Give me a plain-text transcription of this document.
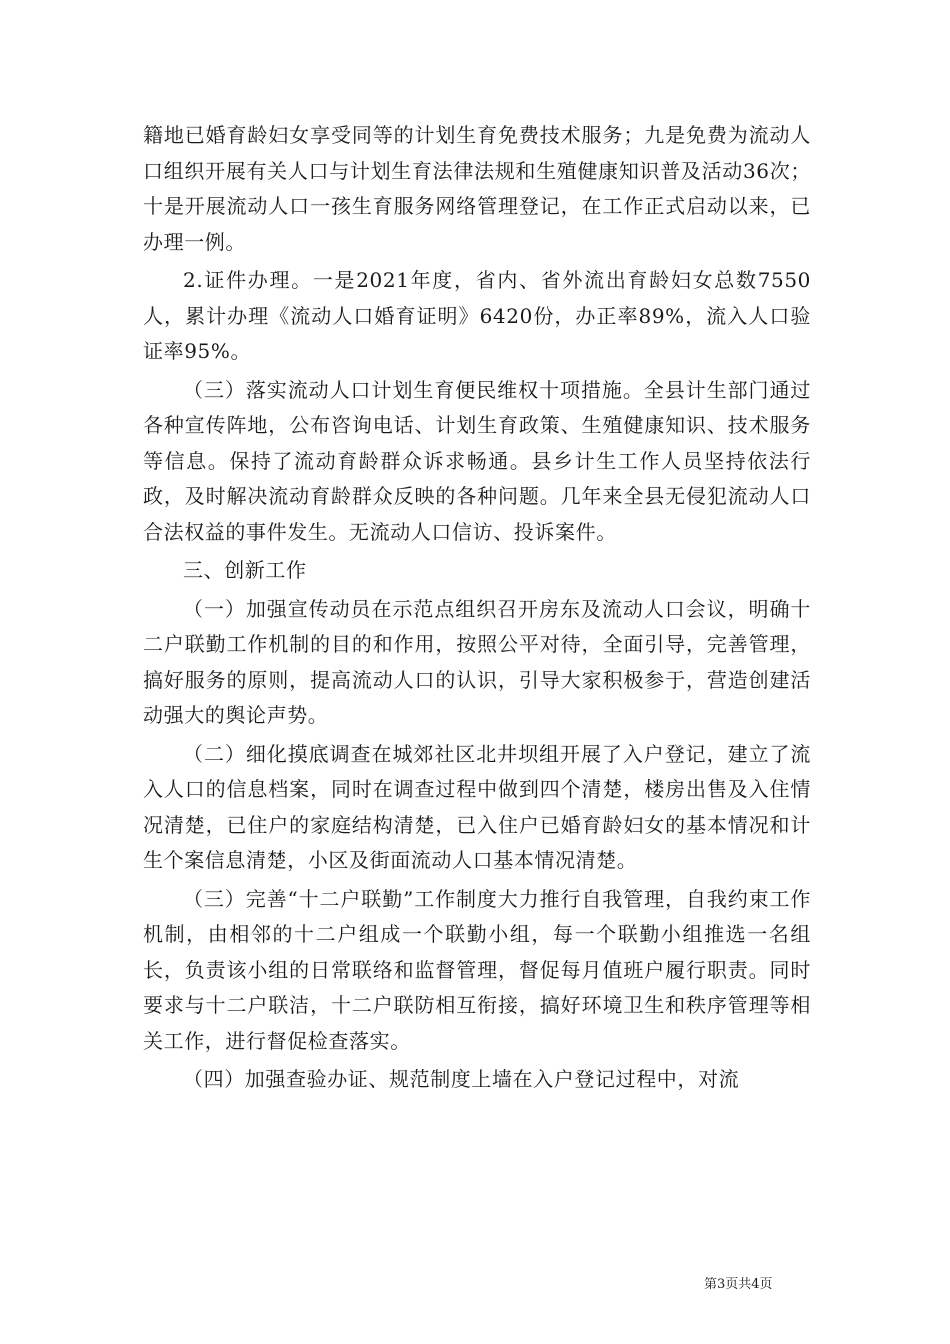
籍地已婚育龄妇女享受同等的计划生育免费技术服务；九是免费为流动人口组织开展有关人口与计划生育法律法规和生殖健康知识普及活动36次；十是开展流动人口一孩生育服务网络管理登记，在工作正式启动以来，已办理一例。

2.证件办理。一是2021年度，省内、省外流出育龄妇女总数7550人，累计办理《流动人口婚育证明》6420份，办正率89%，流入人口验证率95%。

（三）落实流动人口计划生育便民维权十项措施。全县计生部门通过各种宣传阵地，公布咨询电话、计划生育政策、生殖健康知识、技术服务等信息。保持了流动育龄群众诉求畅通。县乡计生工作人员坚持依法行政，及时解决流动育龄群众反映的各种问题。几年来全县无侵犯流动人口合法权益的事件发生。无流动人口信访、投诉案件。

三、创新工作

（一）加强宣传动员在示范点组织召开房东及流动人口会议，明确十二户联勤工作机制的目的和作用，按照公平对待，全面引导，完善管理，搞好服务的原则，提高流动人口的认识，引导大家积极参于，营造创建活动强大的舆论声势。

（二）细化摸底调查在城郊社区北井坝组开展了入户登记，建立了流入人口的信息档案，同时在调查过程中做到四个清楚，楼房出售及入住情况清楚，已住户的家庭结构清楚，已入住户已婚育龄妇女的基本情况和计生个案信息清楚，小区及街面流动人口基本情况清楚。

（三）完善“十二户联勤”工作制度大力推行自我管理，自我约束工作机制，由相邻的十二户组成一个联勤小组，每一个联勤小组推选一名组长，负责该小组的日常联络和监督管理，督促每月值班户履行职责。同时要求与十二户联洁，十二户联防相互衔接，搞好环境卫生和秩序管理等相关工作，进行督促检查落实。

（四）加强查验办证、规范制度上墙在入户登记过程中，对流

第3页共4页
